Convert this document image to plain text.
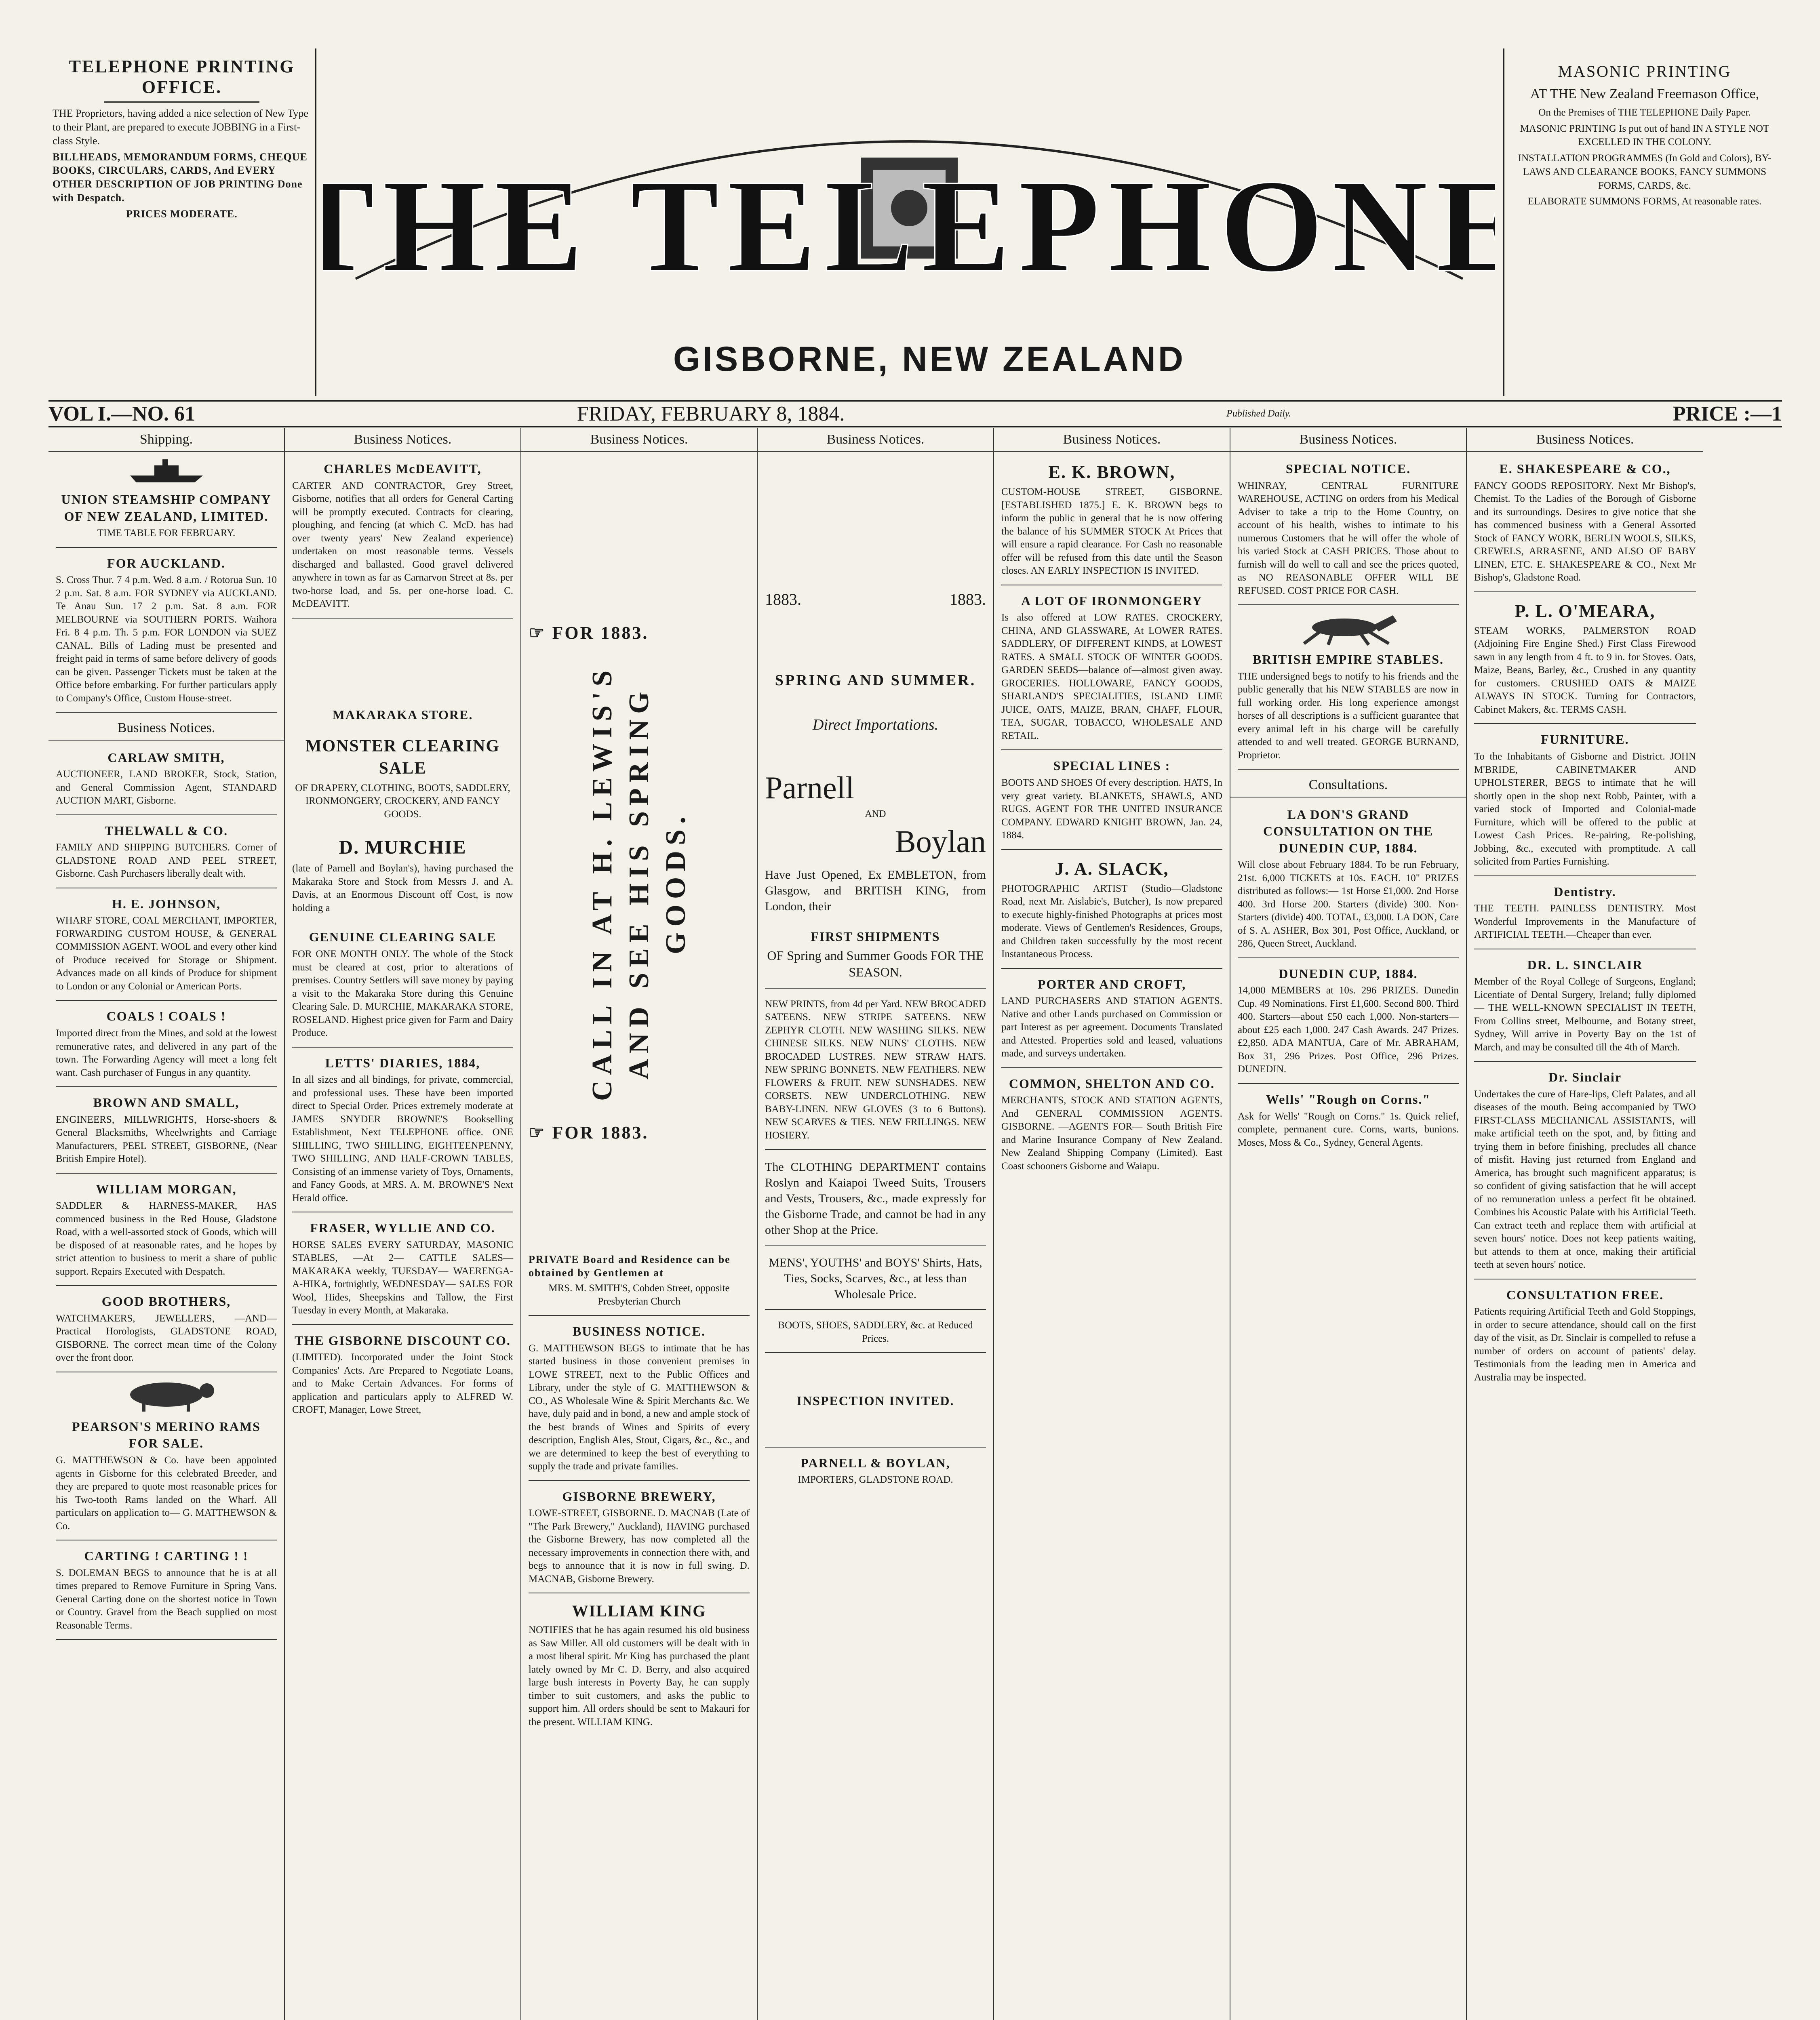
TELEPHONE PRINTING OFFICE.

THE Proprietors, having added a nice selection of New Type to their Plant, are prepared to execute JOBBING in a First-class Style.

BILLHEADS, MEMORANDUM FORMS, CHEQUE BOOKS, CIRCULARS, CARDS, And EVERY OTHER DESCRIPTION OF JOB PRINTING Done with Despatch.

PRICES MODERATE. THE TELEPHONE
GISBORNE, NEW ZEALAND
MASONIC PRINTING

AT THE New Zealand Freemason Office,

On the Premises of THE TELEPHONE Daily Paper.

MASONIC PRINTING Is put out of hand IN A STYLE NOT EXCELLED IN THE COLONY.

INSTALLATION PROGRAMMES (In Gold and Colors), BY-LAWS AND CLEARANCE BOOKS, FANCY SUMMONS FORMS, CARDS, &c.

ELABORATE SUMMONS FORMS, At reasonable rates.

VOL I.—NO. 61	FRIDAY, FEBRUARY 8, 1884.	Published Daily.	PRICE :—1
Shipping.
UNION STEAMSHIP COMPANY OF NEW ZEALAND, LIMITED.

TIME TABLE FOR FEBRUARY.

FOR AUCKLAND.

S. Cross Thur. 7 4 p.m. Wed. 8 a.m. / Rotorua Sun. 10 2 p.m. Sat. 8 a.m. FOR SYDNEY via AUCKLAND. Te Anau Sun. 17 2 p.m. Sat. 8 a.m. FOR MELBOURNE via SOUTHERN PORTS. Waihora Fri. 8 4 p.m. Th. 5 p.m. FOR LONDON via SUEZ CANAL. Bills of Lading must be presented and freight paid in terms of same before delivery of goods can be given. Passenger Tickets must be taken at the Office before embarking. For further particulars apply to Company's Office, Custom House-street.

Business Notices.
CARLAW SMITH,

AUCTIONEER, LAND BROKER, Stock, Station, and General Commission Agent, STANDARD AUCTION MART, Gisborne.

THELWALL & CO.

FAMILY AND SHIPPING BUTCHERS. Corner of GLADSTONE ROAD AND PEEL STREET, Gisborne. Cash Purchasers liberally dealt with.

H. E. JOHNSON,

WHARF STORE, COAL MERCHANT, IMPORTER, FORWARDING CUSTOM HOUSE, & GENERAL COMMISSION AGENT. WOOL and every other kind of Produce received for Storage or Shipment. Advances made on all kinds of Produce for shipment to London or any Colonial or American Ports.

COALS ! COALS !

Imported direct from the Mines, and sold at the lowest remunerative rates, and delivered in any part of the town. The Forwarding Agency will meet a long felt want. Cash purchaser of Fungus in any quantity.

BROWN AND SMALL,

ENGINEERS, MILLWRIGHTS, Horse-shoers & General Blacksmiths, Wheelwrights and Carriage Manufacturers, PEEL STREET, GISBORNE, (Near British Empire Hotel).

WILLIAM MORGAN,

SADDLER & HARNESS-MAKER, HAS commenced business in the Red House, Gladstone Road, with a well-assorted stock of Goods, which will be disposed of at reasonable rates, and he hopes by strict attention to business to merit a share of public support. Repairs Executed with Despatch.

GOOD BROTHERS,

WATCHMAKERS, JEWELLERS, —AND— Practical Horologists, GLADSTONE ROAD, GISBORNE. The correct mean time of the Colony over the front door.

PEARSON'S MERINO RAMS FOR SALE.

G. MATTHEWSON & Co. have been appointed agents in Gisborne for this celebrated Breeder, and they are prepared to quote most reasonable prices for his Two-tooth Rams landed on the Wharf. All particulars on application to— G. MATTHEWSON & Co.

CARTING ! CARTING ! !

S. DOLEMAN BEGS to announce that he is at all times prepared to Remove Furniture in Spring Vans. General Carting done on the shortest notice in Town or Country. Gravel from the Beach supplied on most Reasonable Terms.

Business Notices.
CHARLES McDEAVITT,

CARTER AND CONTRACTOR, Grey Street, Gisborne, notifies that all orders for General Carting will be promptly executed. Contracts for clearing, ploughing, and fencing (at which C. McD. has had over twenty years' New Zealand experience) undertaken on most reasonable terms. Vessels discharged and ballasted. Good gravel delivered anywhere in town as far as Carnarvon Street at 8s. per two-horse load, and 5s. per one-horse load. C. McDEAVITT.

MAKARAKA STORE.
MONSTER CLEARING SALE

OF DRAPERY, CLOTHING, BOOTS, SADDLERY, IRONMONGERY, CROCKERY, AND FANCY GOODS.

D. MURCHIE

(late of Parnell and Boylan's), having purchased the Makaraka Store and Stock from Messrs J. and A. Davis, at an Enormous Discount off Cost, is now holding a

GENUINE CLEARING SALE

FOR ONE MONTH ONLY. The whole of the Stock must be cleared at cost, prior to alterations of premises. Country Settlers will save money by paying a visit to the Makaraka Store during this Genuine Clearing Sale. D. MURCHIE, MAKARAKA STORE, ROSELAND. Highest price given for Farm and Dairy Produce.

LETTS' DIARIES, 1884,

In all sizes and all bindings, for private, commercial, and professional uses. These have been imported direct to Special Order. Prices extremely moderate at JAMES SNYDER BROWNE'S Bookselling Establishment, Next TELEPHONE office. ONE SHILLING, TWO SHILLING, EIGHTEENPENNY, TWO SHILLING, AND HALF-CROWN TABLES, Consisting of an immense variety of Toys, Ornaments, and Fancy Goods, at MRS. A. M. BROWNE'S Next Herald office.

FRASER, WYLLIE AND CO.

HORSE SALES EVERY SATURDAY, MASONIC STABLES, —At 2— CATTLE SALES— MAKARAKA weekly, TUESDAY— WAERENGA-A-HIKA, fortnightly, WEDNESDAY— SALES FOR Wool, Hides, Sheepskins and Tallow, the First Tuesday in every Month, at Makaraka.

THE GISBORNE DISCOUNT CO.

(LIMITED). Incorporated under the Joint Stock Companies' Acts. Are Prepared to Negotiate Loans, and to Make Certain Advances. For forms of application and particulars apply to ALFRED W. CROFT, Manager, Lowe Street,

Business Notices.
☞ FOR 1883.
CALL IN AT H. LEWIS'S AND SEE HIS SPRING GOODS.
☞ FOR 1883.
PRIVATE Board and Residence can be obtained by Gentlemen at

MRS. M. SMITH'S, Cobden Street, opposite Presbyterian Church

BUSINESS NOTICE.

G. MATTHEWSON BEGS to intimate that he has started business in those convenient premises in LOWE STREET, next to the Public Offices and Library, under the style of G. MATTHEWSON & CO., AS Wholesale Wine & Spirit Merchants &c. We have, duly paid and in bond, a new and ample stock of the best brands of Wines and Spirits of every description, English Ales, Stout, Cigars, &c., &c., and we are determined to keep the best of everything to supply the trade and private families.

GISBORNE BREWERY,

LOWE-STREET, GISBORNE. D. MACNAB (Late of "The Park Brewery," Auckland), HAVING purchased the Gisborne Brewery, has now completed all the necessary improvements in connection there with, and begs to announce that it is now in full swing. D. MACNAB, Gisborne Brewery.

WILLIAM KING

NOTIFIES that he has again resumed his old business as Saw Miller. All old customers will be dealt with in a most liberal spirit. Mr King has purchased the plant lately owned by Mr C. D. Berry, and also acquired large bush interests in Poverty Bay, he can supply timber to suit customers, and asks the public to support him. All orders should be sent to Makauri for the present. WILLIAM KING.

Business Notices.
1883.	1883.
SPRING AND SUMMER.
Direct Importations.
Parnell
AND
Boylan

Have Just Opened, Ex EMBLETON, from Glasgow, and BRITISH KING, from London, their

FIRST SHIPMENTS

OF Spring and Summer Goods FOR THE SEASON.

NEW PRINTS, from 4d per Yard. NEW BROCADED SATEENS. NEW STRIPE SATEENS. NEW ZEPHYR CLOTH. NEW WASHING SILKS. NEW CHINESE SILKS. NEW NUNS' CLOTHS. NEW BROCADED LUSTRES. NEW STRAW HATS. NEW SPRING BONNETS. NEW FEATHERS. NEW FLOWERS & FRUIT. NEW SUNSHADES. NEW CORSETS. NEW UNDERCLOTHING. NEW BABY-LINEN. NEW GLOVES (3 to 6 Buttons). NEW SCARVES & TIES. NEW FRILLINGS. NEW HOSIERY.

The CLOTHING DEPARTMENT contains Roslyn and Kaiapoi Tweed Suits, Trousers and Vests, Trousers, &c., made expressly for the Gisborne Trade, and cannot be had in any other Shop at the Price.

MENS', YOUTHS' and BOYS' Shirts, Hats, Ties, Socks, Scarves, &c., at less than Wholesale Price.

BOOTS, SHOES, SADDLERY, &c. at Reduced Prices.

INSPECTION INVITED.
PARNELL & BOYLAN,

IMPORTERS, GLADSTONE ROAD.

Business Notices.
E. K. BROWN,

CUSTOM-HOUSE STREET, GISBORNE. [ESTABLISHED 1875.] E. K. BROWN begs to inform the public in general that he is now offering the balance of his SUMMER STOCK At Prices that will ensure a rapid clearance. For Cash no reasonable offer will be refused from this date until the Season closes. AN EARLY INSPECTION IS INVITED.

A LOT OF IRONMONGERY

Is also offered at LOW RATES. CROCKERY, CHINA, AND GLASSWARE, At LOWER RATES. SADDLERY, OF DIFFERENT KINDS, at LOWEST RATES. A SMALL STOCK OF WINTER GOODS. GARDEN SEEDS—balance of—almost given away. GROCERIES. HOLLOWARE, FANCY GOODS, SHARLAND'S SPECIALITIES, ISLAND LIME JUICE, OATS, MAIZE, BRAN, CHAFF, FLOUR, TEA, SUGAR, TOBACCO, WHOLESALE AND RETAIL.

SPECIAL LINES :

BOOTS AND SHOES Of every description. HATS, In very great variety. BLANKETS, SHAWLS, AND RUGS. AGENT FOR THE UNITED INSURANCE COMPANY. EDWARD KNIGHT BROWN, Jan. 24, 1884.

J. A. SLACK,

PHOTOGRAPHIC ARTIST (Studio—Gladstone Road, next Mr. Aislabie's, Butcher), Is now prepared to execute highly-finished Photographs at prices most moderate. Views of Gentlemen's Residences, Groups, and Children taken successfully by the most recent Instantaneous Process.

PORTER AND CROFT,

LAND PURCHASERS AND STATION AGENTS. Native and other Lands purchased on Commission or part Interest as per agreement. Documents Translated and Attested. Properties sold and leased, valuations made, and surveys undertaken.

COMMON, SHELTON AND CO.

MERCHANTS, STOCK AND STATION AGENTS, And GENERAL COMMISSION AGENTS. GISBORNE. —AGENTS FOR— South British Fire and Marine Insurance Company of New Zealand. New Zealand Shipping Company (Limited). East Coast schooners Gisborne and Waiapu.

Business Notices.
SPECIAL NOTICE.

WHINRAY, CENTRAL FURNITURE WAREHOUSE, ACTING on orders from his Medical Adviser to take a trip to the Home Country, on account of his health, wishes to intimate to his numerous Customers that he will offer the whole of his varied Stock at CASH PRICES. Those about to furnish will do well to call and see the prices quoted, as NO REASONABLE OFFER WILL BE REFUSED. COST PRICE FOR CASH.

BRITISH EMPIRE STABLES.

THE undersigned begs to notify to his friends and the public generally that his NEW STABLES are now in full working order. His long experience amongst horses of all descriptions is a sufficient guarantee that every animal left in his charge will be carefully attended to and well treated. GEORGE BURNAND, Proprietor.

Consultations.
LA DON'S GRAND CONSULTATION ON THE DUNEDIN CUP, 1884.

Will close about February 1884. To be run February, 21st. 6,000 TICKETS at 10s. EACH. 10" PRIZES distributed as follows:— 1st Horse £1,000. 2nd Horse 400. 3rd Horse 200. Starters (divide) 300. Non-Starters (divide) 400. TOTAL, £3,000. LA DON, Care of S. A. ASHER, Box 301, Post Office, Auckland, or 286, Queen Street, Auckland.

DUNEDIN CUP, 1884.

14,000 MEMBERS at 10s. 296 PRIZES. Dunedin Cup. 49 Nominations. First £1,600. Second 800. Third 400. Starters—about £50 each 1,000. Non-starters—about £25 each 1,000. 247 Cash Awards. 247 Prizes. £2,850. ADA MANTUA, Care of Mr. ABRAHAM, Box 31, 296 Prizes. Post Office, 296 Prizes. DUNEDIN.

Wells' "Rough on Corns."

Ask for Wells' "Rough on Corns." 1s. Quick relief, complete, permanent cure. Corns, warts, bunions. Moses, Moss & Co., Sydney, General Agents.

Business Notices.
E. SHAKESPEARE & CO.,

FANCY GOODS REPOSITORY. Next Mr Bishop's, Chemist. To the Ladies of the Borough of Gisborne and its surroundings. Desires to give notice that she has commenced business with a General Assorted Stock of FANCY WORK, BERLIN WOOLS, SILKS, CREWELS, ARRASENE, AND ALSO OF BABY LINEN, ETC. E. SHAKESPEARE & CO., Next Mr Bishop's, Gladstone Road.

P. L. O'MEARA,

STEAM WORKS, PALMERSTON ROAD (Adjoining Fire Engine Shed.) First Class Firewood sawn in any length from 4 ft. to 9 in. for Stoves. Oats, Maize, Beans, Barley, &c., Crushed in any quantity for customers. CRUSHED OATS & MAIZE ALWAYS IN STOCK. Turning for Contractors, Cabinet Makers, &c. TERMS CASH.

FURNITURE.

To the Inhabitants of Gisborne and District. JOHN M'BRIDE, CABINETMAKER AND UPHOLSTERER, BEGS to intimate that he will shortly open in the shop next Robb, Painter, with a varied stock of Imported and Colonial-made Furniture, which will be offered to the public at Lowest Cash Prices. Re-pairing, Re-polishing, Jobbing, &c., executed with promptitude. A call solicited from Parties Furnishing.

Dentistry.

THE TEETH. PAINLESS DENTISTRY. Most Wonderful Improvements in the Manufacture of ARTIFICIAL TEETH.—Cheaper than ever.

DR. L. SINCLAIR

Member of the Royal College of Surgeons, England; Licentiate of Dental Surgery, Ireland; fully diplomed— THE WELL-KNOWN SPECIALIST IN TEETH, From Collins street, Melbourne, and Botany street, Sydney, Will arrive in Poverty Bay on the 1st of March, and may be consulted till the 4th of March.

Dr. Sinclair

Undertakes the cure of Hare-lips, Cleft Palates, and all diseases of the mouth. Being accompanied by TWO FIRST-CLASS MECHANICAL ASSISTANTS, will make artificial teeth on the spot, and, by fitting and trying them in before finishing, precludes all chance of misfit. Having just returned from England and America, has brought such magnificent apparatus; is so confident of giving satisfaction that he will accept of no remuneration unless a perfect fit be obtained. Combines his Acoustic Palate with his Artificial Teeth. Can extract teeth and replace them with artificial at seven hours' notice. Does not keep patients waiting, but attends to them at once, making their artificial teeth at seven hours' notice.

CONSULTATION FREE.

Patients requiring Artificial Teeth and Gold Stoppings, in order to secure attendance, should call on the first day of the visit, as Dr. Sinclair is compelled to refuse a number of orders on account of patients' delay. Testimonials from the leading men in America and Australia may be inspected.
